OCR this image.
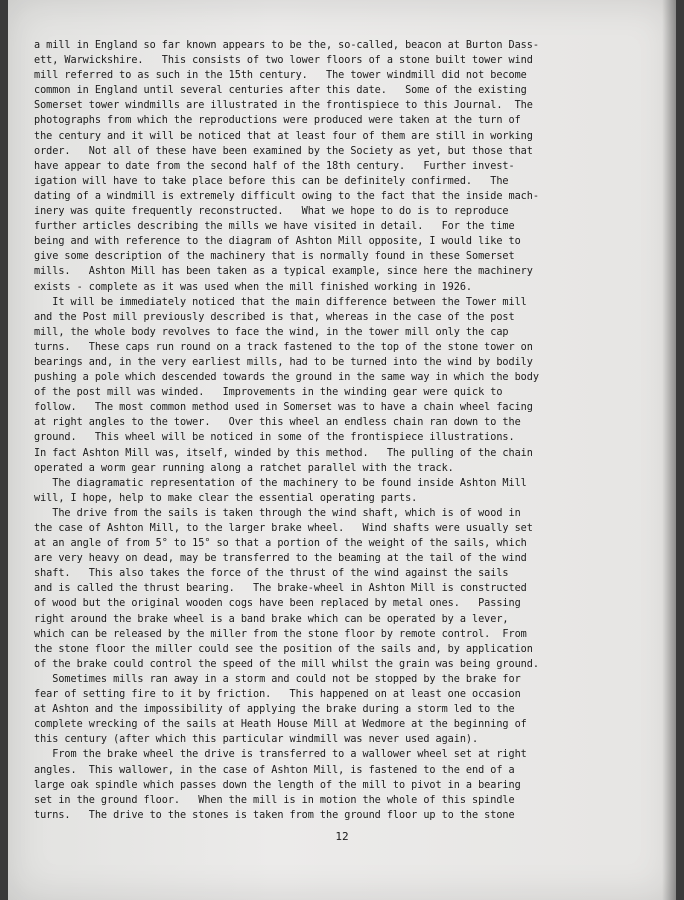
a mill in England so far known appears to be the, so-called, beacon at Burton Dass-
ett, Warwickshire.   This consists of two lower floors of a stone built tower wind
mill referred to as such in the 15th century.   The tower windmill did not become
common in England until several centuries after this date.   Some of the existing
Somerset tower windmills are illustrated in the frontispiece to this Journal.  The
photographs from which the reproductions were produced were taken at the turn of
the century and it will be noticed that at least four of them are still in working
order.   Not all of these have been examined by the Society as yet, but those that
have appear to date from the second half of the 18th century.   Further invest-
igation will have to take place before this can be definitely confirmed.   The
dating of a windmill is extremely difficult owing to the fact that the inside mach-
inery was quite frequently reconstructed.   What we hope to do is to reproduce
further articles describing the mills we have visited in detail.   For the time
being and with reference to the diagram of Ashton Mill opposite, I would like to
give some description of the machinery that is normally found in these Somerset
mills.   Ashton Mill has been taken as a typical example, since here the machinery
exists - complete as it was used when the mill finished working in 1926.
It will be immediately noticed that the main difference between the Tower mill
and the Post mill previously described is that, whereas in the case of the post
mill, the whole body revolves to face the wind, in the tower mill only the cap
turns.   These caps run round on a track fastened to the top of the stone tower on
bearings and, in the very earliest mills, had to be turned into the wind by bodily
pushing a pole which descended towards the ground in the same way in which the body
of the post mill was winded.   Improvements in the winding gear were quick to
follow.   The most common method used in Somerset was to have a chain wheel facing
at right angles to the tower.   Over this wheel an endless chain ran down to the
ground.   This wheel will be noticed in some of the frontispiece illustrations.
In fact Ashton Mill was, itself, winded by this method.   The pulling of the chain
operated a worm gear running along a ratchet parallel with the track.
The diagramatic representation of the machinery to be found inside Ashton Mill
will, I hope, help to make clear the essential operating parts.
The drive from the sails is taken through the wind shaft, which is of wood in
the case of Ashton Mill, to the larger brake wheel.   Wind shafts were usually set
at an angle of from 5° to 15° so that a portion of the weight of the sails, which
are very heavy on dead, may be transferred to the beaming at the tail of the wind
shaft.   This also takes the force of the thrust of the wind against the sails
and is called the thrust bearing.   The brake-wheel in Ashton Mill is constructed
of wood but the original wooden cogs have been replaced by metal ones.   Passing
right around the brake wheel is a band brake which can be operated by a lever,
which can be released by the miller from the stone floor by remote control.  From
the stone floor the miller could see the position of the sails and, by application
of the brake could control the speed of the mill whilst the grain was being ground.
Sometimes mills ran away in a storm and could not be stopped by the brake for
fear of setting fire to it by friction.   This happened on at least one occasion
at Ashton and the impossibility of applying the brake during a storm led to the
complete wrecking of the sails at Heath House Mill at Wedmore at the beginning of
this century (after which this particular windmill was never used again).
From the brake wheel the drive is transferred to a wallower wheel set at right
angles.  This wallower, in the case of Ashton Mill, is fastened to the end of a
large oak spindle which passes down the length of the mill to pivot in a bearing
set in the ground floor.   When the mill is in motion the whole of this spindle
turns.   The drive to the stones is taken from the ground floor up to the stone
12
